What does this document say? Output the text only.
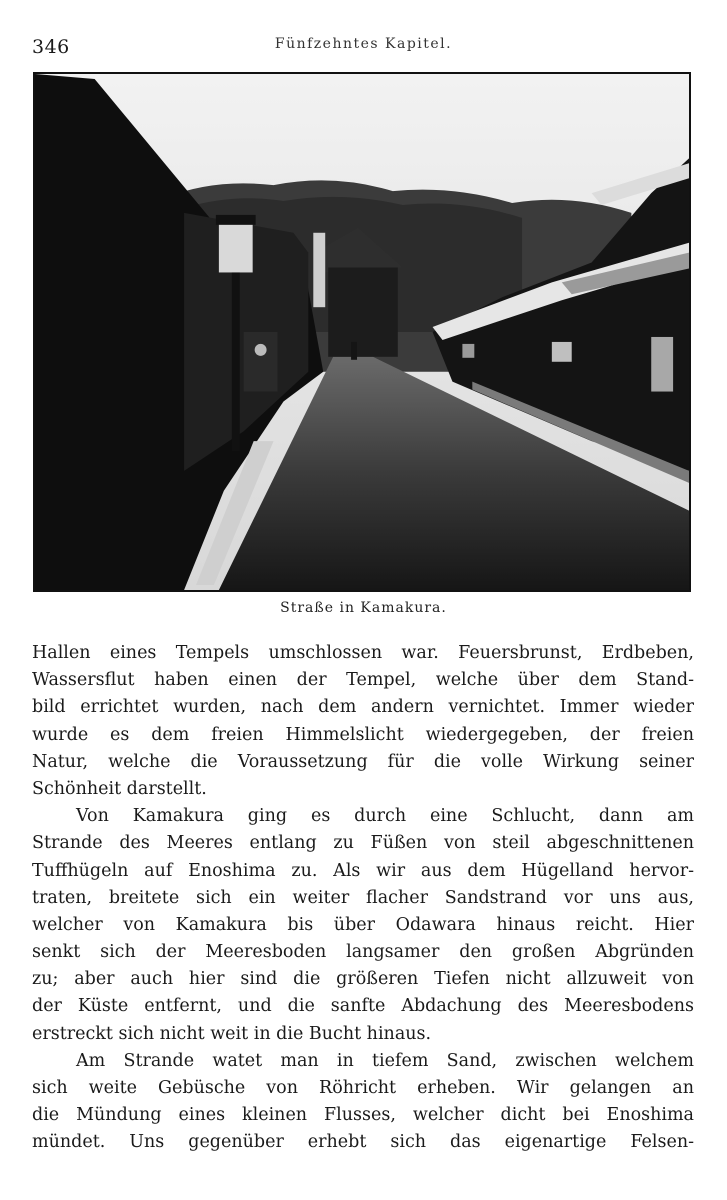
346	Fünfzehntes Kapitel.
Straße in Kamakura.
Hallen eines Tempels umschlossen war. Feuersbrunst, Erdbeben,
Wassersflut haben einen der Tempel, welche über dem Stand-
bild errichtet wurden, nach dem andern vernichtet. Immer wieder
wurde es dem freien Himmelslicht wiedergegeben, der freien
Natur, welche die Voraussetzung für die volle Wirkung seiner
Schönheit darstellt.
Von Kamakura ging es durch eine Schlucht, dann am
Strande des Meeres entlang zu Füßen von steil abgeschnittenen
Tuffhügeln auf Enoshima zu. Als wir aus dem Hügelland hervor-
traten, breitete sich ein weiter flacher Sandstrand vor uns aus,
welcher von Kamakura bis über Odawara hinaus reicht. Hier
senkt sich der Meeresboden langsamer den großen Abgründen
zu; aber auch hier sind die größeren Tiefen nicht allzuweit von
der Küste entfernt, und die sanfte Abdachung des Meeresbodens
erstreckt sich nicht weit in die Bucht hinaus.
Am Strande watet man in tiefem Sand, zwischen welchem
sich weite Gebüsche von Röhricht erheben. Wir gelangen an
die Mündung eines kleinen Flusses, welcher dicht bei Enoshima
mündet. Uns gegenüber erhebt sich das eigenartige Felsen-
